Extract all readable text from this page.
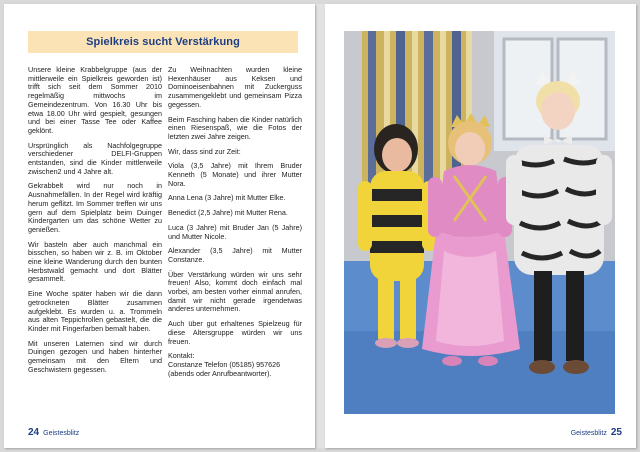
Spielkreis sucht Verstärkung

Unsere kleine Krabbelgruppe (aus der mittlerweile ein Spielkreis geworden ist) trifft sich seit dem Sommer 2010 regelmäßig mittwochs im Gemeindezentrum. Von 16.30 Uhr bis etwa 18.00 Uhr wird gespielt, gesungen und bei einer Tasse Tee oder Kaffee geklönt.

Ursprünglich als Nachfolgegruppe verschiedener DELFI-Gruppen entstanden, sind die Kinder mittlerweile zwischen2 und 4 Jahre alt.

Gekrabbelt wird nur noch in Ausnahmefällen. In der Regel wird kräftig herum geflitzt. Im Sommer treffen wir uns gern auf dem Spielplatz beim Duinger Kindergarten um das schöne Wetter zu genießen.

Wir basteln aber auch manchmal ein bisschen, so haben wir z. B. im Oktober eine kleine Wanderung durch den bunten Herbstwald gemacht und dort Blätter gesammelt.

Eine Woche später haben wir die dann getrockneten Blätter zusammen aufgeklebt. Es wurden u. a. Trommeln aus alten Teppichrollen gebastelt, die die Kinder mit Fingerfarben bemalt haben.

Mit unseren Laternen sind wir durch Duingen gezogen und haben hinterher gemeinsam mit den Eltern und Geschwistern gegessen.

Zu Weihnachten wurden kleine Hexenhäuser aus Keksen und Dominoeisenbahnen mit Zuckerguss zusammengeklebt und gemeinsam Pizza gegessen.

Beim Fasching haben die Kinder natürlich einen Riesenspaß, wie die Fotos der letzten zwei Jahre zeigen.

Wir, dass sind zur Zeit:

Viola (3,5 Jahre) mit Ihrem Bruder Kenneth (5 Monate) und ihrer Mutter Nora.

Anna Lena (3 Jahre) mit Mutter Elke.

Benedict (2,5 Jahre) mit Mutter Rena.

Luca (3 Jahre) mit Bruder Jan (5 Jahre) und Mutter Nicole.

Alexander (3,5 Jahre) mit Mutter Constanze.

Über Verstärkung würden wir uns sehr freuen! Also, kommt doch einfach mal vorbei, am besten vorher einmal anrufen, damit wir nicht gerade irgendetwas anderes unternehmen.

Auch über gut erhaltenes Spielzeug für diese Altersgruppe würden wir uns freuen.

Kontakt:

Constanze Telefon (05185) 957626

(abends oder Anrufbeantworter).

24 Geistesblitz	Geistesblitz 25
